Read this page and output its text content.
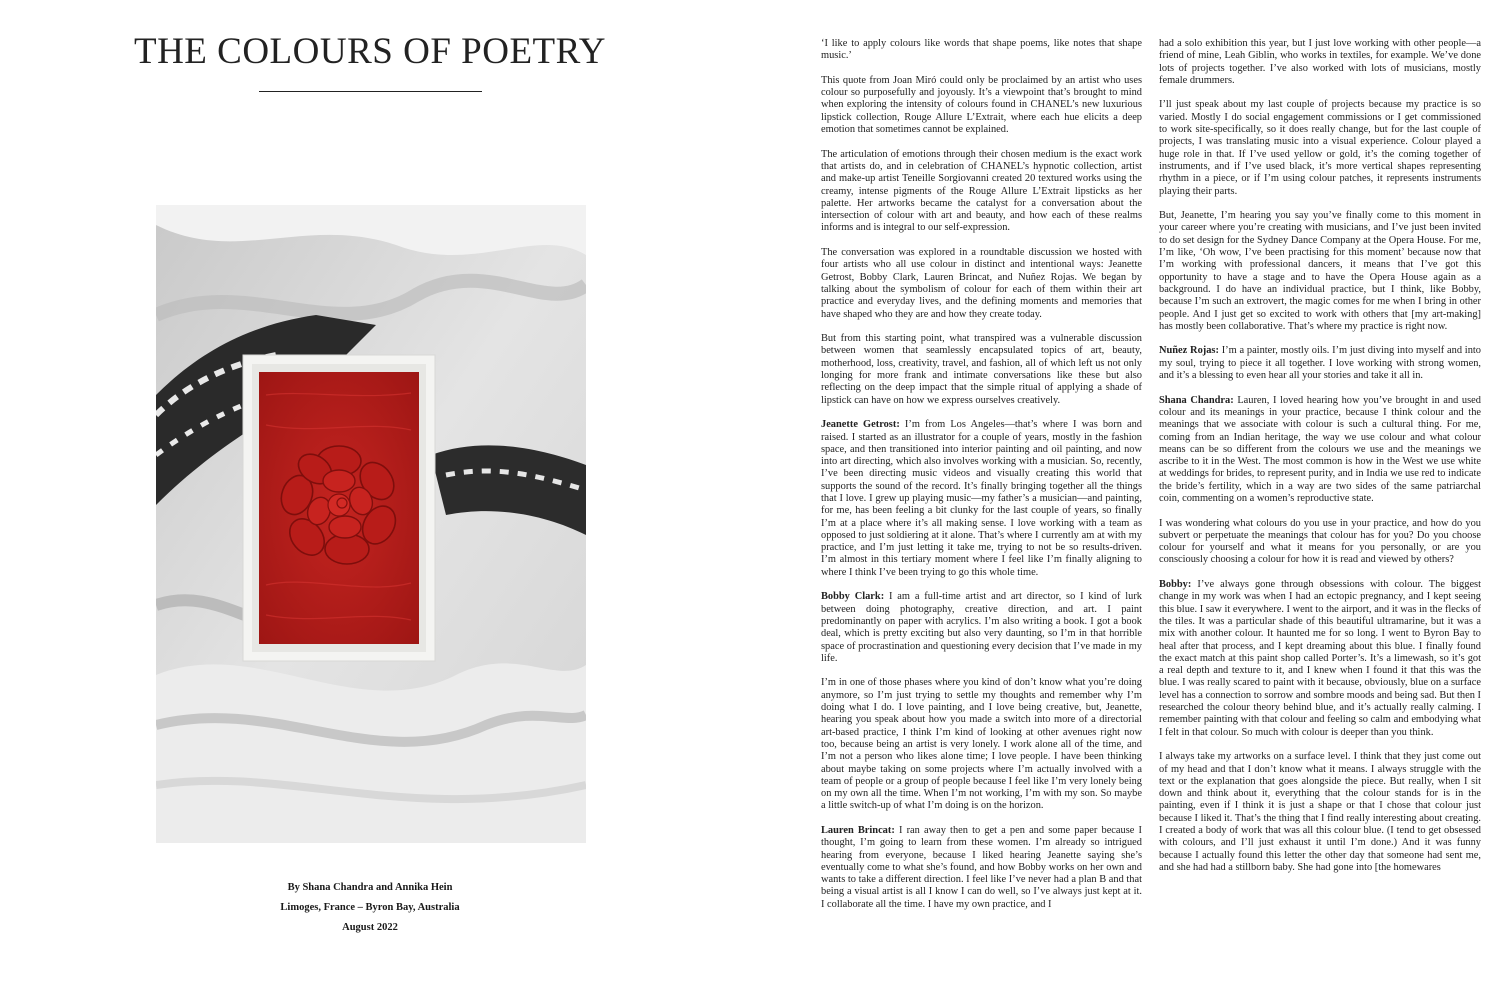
THE COLOURS OF POETRY
By Shana Chandra and Annika Hein
Limoges, France – Byron Bay, Australia
August 2022

‘I like to apply colours like words that shape poems, like notes that shape music.’

This quote from Joan Miró could only be proclaimed by an artist who uses colour so purposefully and joyously. It’s a viewpoint that’s brought to mind when exploring the intensity of colours found in CHANEL’s new luxurious lipstick collection, Rouge Allure L’Extrait, where each hue elicits a deep emotion that sometimes cannot be explained.

The articulation of emotions through their chosen medium is the exact work that artists do, and in celebration of CHANEL’s hypnotic collection, artist and make-up artist Teneille Sorgiovanni created 20 textured works using the creamy, intense pigments of the Rouge Allure L’Extrait lipsticks as her palette. Her artworks became the catalyst for a conversation about the intersection of colour with art and beauty, and how each of these realms informs and is integral to our self-expression.

The conversation was explored in a roundtable discussion we hosted with four artists who all use colour in distinct and intentional ways: Jeanette Getrost, Bobby Clark, Lauren Brincat, and Nuñez Rojas. We began by talking about the symbolism of colour for each of them within their art practice and everyday lives, and the defining moments and memories that have shaped who they are and how they create today.

But from this starting point, what transpired was a vulnerable discussion between women that seamlessly encapsulated topics of art, beauty, motherhood, loss, creativity, travel, and fashion, all of which left us not only longing for more frank and intimate conversations like these but also reflecting on the deep impact that the simple ritual of applying a shade of lipstick can have on how we express ourselves creatively.

Jeanette Getrost: I’m from Los Angeles—that’s where I was born and raised. I started as an illustrator for a couple of years, mostly in the fashion space, and then transitioned into interior painting and oil painting, and now into art directing, which also involves working with a musician. So, recently, I’ve been directing music videos and visually creating this world that supports the sound of the record. It’s finally bringing together all the things that I love. I grew up playing music—my father’s a musician—and painting, for me, has been feeling a bit clunky for the last couple of years, so finally I’m at a place where it’s all making sense. I love working with a team as opposed to just soldiering at it alone. That’s where I currently am at with my practice, and I’m just letting it take me, trying to not be so results-driven. I’m almost in this tertiary moment where I feel like I’m finally aligning to where I think I’ve been trying to go this whole time.

Bobby Clark: I am a full-time artist and art director, so I kind of lurk between doing photography, creative direction, and art. I paint predominantly on paper with acrylics. I’m also writing a book. I got a book deal, which is pretty exciting but also very daunting, so I’m in that horrible space of procrastination and questioning every decision that I’ve made in my life.

I’m in one of those phases where you kind of don’t know what you’re doing anymore, so I’m just trying to settle my thoughts and remember why I’m doing what I do. I love painting, and I love being creative, but, Jeanette, hearing you speak about how you made a switch into more of a directorial art-based practice, I think I’m kind of looking at other avenues right now too, because being an artist is very lonely. I work alone all of the time, and I’m not a person who likes alone time; I love people. I have been thinking about maybe taking on some projects where I’m actually involved with a team of people or a group of people because I feel like I’m very lonely being on my own all the time. When I’m not working, I’m with my son. So maybe a little switch-up of what I’m doing is on the horizon.

Lauren Brincat: I ran away then to get a pen and some paper because I thought, I’m going to learn from these women. I’m already so intrigued hearing from everyone, because I liked hearing Jeanette saying she’s eventually come to what she’s found, and how Bobby works on her own and wants to take a different direction. I feel like I’ve never had a plan B and that being a visual artist is all I know I can do well, so I’ve always just kept at it. I collaborate all the time. I have my own practice, and I

had a solo exhibition this year, but I just love working with other people—a friend of mine, Leah Giblin, who works in textiles, for example. We’ve done lots of projects together. I’ve also worked with lots of musicians, mostly female drummers.

I’ll just speak about my last couple of projects because my practice is so varied. Mostly I do social engagement commissions or I get commissioned to work site-specifically, so it does really change, but for the last couple of projects, I was translating music into a visual experience. Colour played a huge role in that. If I’ve used yellow or gold, it’s the coming together of instruments, and if I’ve used black, it’s more vertical shapes representing rhythm in a piece, or if I’m using colour patches, it represents instruments playing their parts.

But, Jeanette, I’m hearing you say you’ve finally come to this moment in your career where you’re creating with musicians, and I’ve just been invited to do set design for the Sydney Dance Company at the Opera House. For me, I’m like, ‘Oh wow, I’ve been practising for this moment’ because now that I’m working with professional dancers, it means that I’ve got this opportunity to have a stage and to have the Opera House again as a background. I do have an individual practice, but I think, like Bobby, because I’m such an extrovert, the magic comes for me when I bring in other people. And I just get so excited to work with others that [my art-making] has mostly been collaborative. That’s where my practice is right now.

Nuñez Rojas: I’m a painter, mostly oils. I’m just diving into myself and into my soul, trying to piece it all together. I love working with strong women, and it’s a blessing to even hear all your stories and take it all in.

Shana Chandra: Lauren, I loved hearing how you’ve brought in and used colour and its meanings in your practice, because I think colour and the meanings that we associate with colour is such a cultural thing. For me, coming from an Indian heritage, the way we use colour and what colour means can be so different from the colours we use and the meanings we ascribe to it in the West. The most common is how in the West we use white at weddings for brides, to represent purity, and in India we use red to indicate the bride’s fertility, which in a way are two sides of the same patriarchal coin, commenting on a women’s reproductive state.

I was wondering what colours do you use in your practice, and how do you subvert or perpetuate the meanings that colour has for you? Do you choose colour for yourself and what it means for you personally, or are you consciously choosing a colour for how it is read and viewed by others?

Bobby: I’ve always gone through obsessions with colour. The biggest change in my work was when I had an ectopic pregnancy, and I kept seeing this blue. I saw it everywhere. I went to the airport, and it was in the flecks of the tiles. It was a particular shade of this beautiful ultramarine, but it was a mix with another colour. It haunted me for so long. I went to Byron Bay to heal after that process, and I kept dreaming about this blue. I finally found the exact match at this paint shop called Porter’s. It’s a limewash, so it’s got a real depth and texture to it, and I knew when I found it that this was the blue. I was really scared to paint with it because, obviously, blue on a surface level has a connection to sorrow and sombre moods and being sad. But then I researched the colour theory behind blue, and it’s actually really calming. I remember painting with that colour and feeling so calm and embodying what I felt in that colour. So much with colour is deeper than you think.

I always take my artworks on a surface level. I think that they just come out of my head and that I don’t know what it means. I always struggle with the text or the explanation that goes alongside the piece. But really, when I sit down and think about it, everything that the colour stands for is in the painting, even if I think it is just a shape or that I chose that colour just because I liked it. That’s the thing that I find really interesting about creating. I created a body of work that was all this colour blue. (I tend to get obsessed with colours, and I’ll just exhaust it until I’m done.) And it was funny because I actually found this letter the other day that someone had sent me, and she had had a stillborn baby. She had gone into [the homewares
